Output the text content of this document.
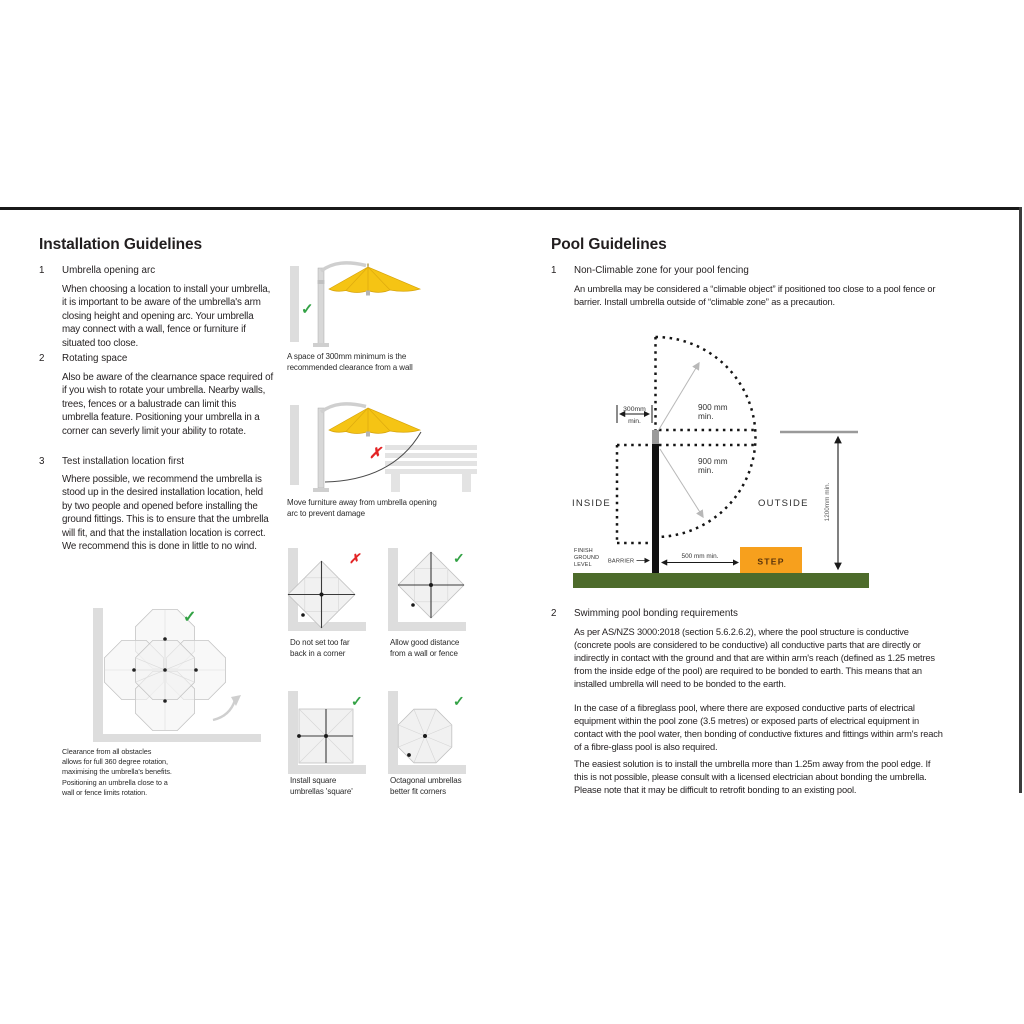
Installation Guidelines
1 Umbrella opening arc
When choosing a location to install your umbrella, it is important to be aware of the umbrella's arm closing height and opening arc. Your umbrella may connect with a wall, fence or furniture if situated too close.
2 Rotating space
Also be aware of the clearnance space required of if you wish to rotate your umbrella. Nearby walls, trees, fences or a balustrade can limit this umbrella feature. Positioning your umbrella in a corner can severly limit your ability to rotate.
3 Test installation location first
Where possible, we recommend the umbrella is stood up in the desired installation location, held by two people and opened before installing the ground fittings. This is to ensure that the umbrella will fit, and that the installation location is correct. We recommend this is done in little to no wind.
✓
Clearance from all obstacles
allows for full 360 degree rotation,
maximising the umbrella's benefits.
Positioning an umbrella close to a
wall or fence limits rotation.
✓
A space of 300mm minimum is the
recommended clearance from a wall
✗
Move furniture away from umbrella opening
arc to prevent damage
✗
Do not set too far
back in a corner
✓
Allow good distance
from a wall or fence
✓
Install square
umbrellas 'square'
✓
Octagonal umbrellas
better fit corners
Pool Guidelines
1 Non-Climable zone for your pool fencing
An umbrella may be considered a “climable object” if positioned too close to a pool fence or barrier. Install umbrella outside of “climable zone” as a precaution.
300mm
min.
900 mm
min.
900 mm
min.
INSIDE	OUTSIDE
FINISH
GROUND
LEVEL
BARRIER
500 mm min.	STEP
1200mm min.
2 Swimming pool bonding requirements
As per AS/NZS 3000:2018 (section 5.6.2.6.2), where the pool structure is conductive (concrete pools are considered to be conductive) all conductive parts that are directly or indirectly in contact with the ground and that are within arm's reach (defined as 1.25 metres from the inside edge of the pool) are required to be bonded to earth. This means that an installed umbrella will need to be bonded to the earth.
In the case of a fibreglass pool, where there are exposed conductive parts of electrical equipment within the pool zone (3.5 metres) or exposed parts of electrical equipment in contact with the pool water, then bonding of conductive fixtures and fittings within arm's reach of a fibre-glass pool is also required.
The easiest solution is to install the umbrella more than 1.25m away from the pool edge. If this is not possible, please consult with a licensed electrician about bonding the umbrella. Please note that it may be difficult to retrofit bonding to an existing pool.
